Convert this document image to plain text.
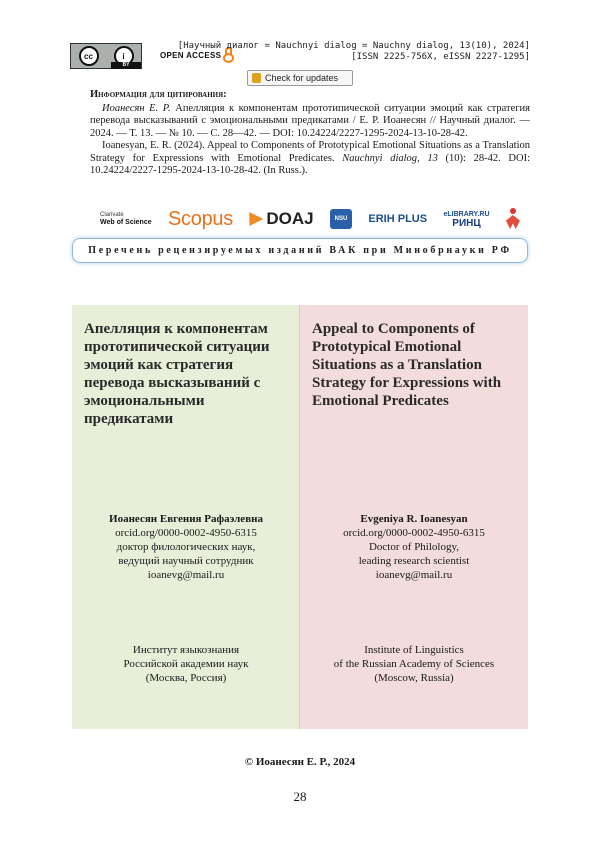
cc	i
BY
OPEN ACCESS
[Научный диалог = Nauchnyi dialog = Nauchny dialog, 13(10), 2024]
[ISSN 2225-756X, eISSN 2227-1295]
Check for updates
Информация для цитирования:

Иоанесян Е. Р. Апелляция к компонентам прототипической ситуации эмоций как стратегия перевода высказываний с эмоциональными предикатами / Е. Р. Иоанесян // Научный диалог. — 2024. — Т. 13. — № 10. — С. 28—42. — DOI: 10.24224/2227-1295-2024-13-10-28-42.

Ioanesyan, E. R. (2024). Appeal to Components of Prototypical Emotional Situations as a Translation Strategy for Expressions with Emotional Predicates. Nauchnyi dialog, 13 (10): 28-42. DOI: 10.24224/2227-1295-2024-13-10-28-42. (In Russ.).

Clarivate
Web of Science Scopus DOAJ	NSU	ERIH PLUS eLIBRARY.RU
РИНЦ
Перечень рецензируемых изданий ВАК при Минобрнауки РФ
Апелляция к компонентам прототипической ситуации эмоций как стратегия перевода высказываний с эмоциональными предикатами
Иоанесян Евгения Рафаэлевна
orcid.org/0000-0002-4950-6315
доктор филологических наук,
ведущий научный сотрудник
ioanevg@mail.ru
Институт языкознания
Российской академии наук
(Москва, Россия)
Appeal to Components of Prototypical Emotional Situations as a Translation Strategy for Expressions with Emotional Predicates
Evgeniya R. Ioanesyan
orcid.org/0000-0002-4950-6315
Doctor of Philology,
leading research scientist
ioanevg@mail.ru
Institute of Linguistics
of the Russian Academy of Sciences
(Moscow, Russia)
© Иоанесян Е. Р., 2024
28
